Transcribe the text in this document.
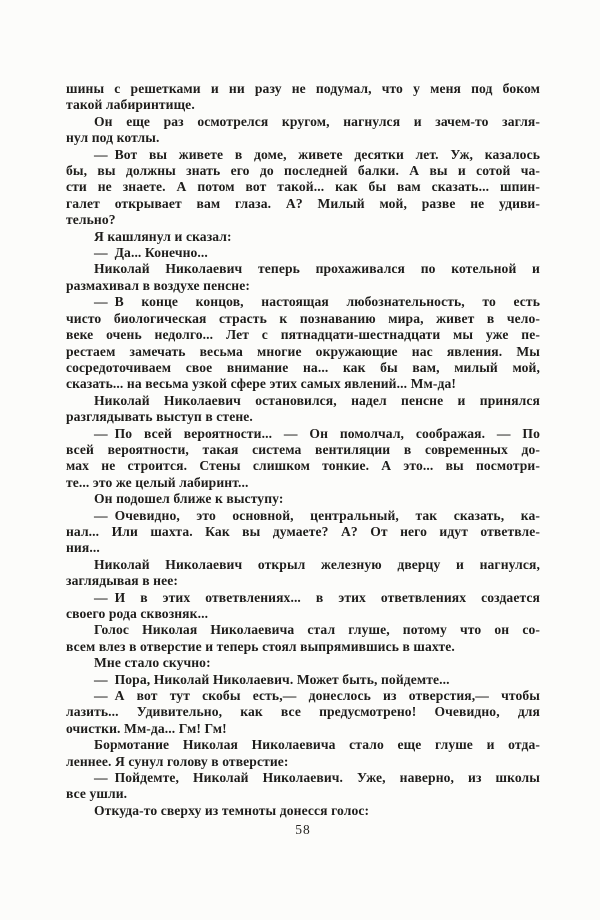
шины с решетками и ни разу не подумал, что у меня под боком
такой лабиринтище.
Он еще раз осмотрелся кругом, нагнулся и зачем-то загля-
нул под котлы.
— Вот вы живете в доме, живете десятки лет. Уж, казалось
бы, вы должны знать его до последней балки. А вы и сотой ча-
сти не знаете. А потом вот такой... как бы вам сказать... шпин-
галет открывает вам глаза. А? Милый мой, разве не удиви-
тельно?
Я кашлянул и сказал:
— Да... Конечно...
Николай Николаевич теперь прохаживался по котельной и
размахивал в воздухе пенсне:
— В конце концов, настоящая любознательность, то есть
чисто биологическая страсть к познаванию мира, живет в чело-
веке очень недолго... Лет с пятнадцати-шестнадцати мы уже пе-
рестаем замечать весьма многие окружающие нас явления. Мы
сосредоточиваем свое внимание на... как бы вам, милый мой,
сказать... на весьма узкой сфере этих самых явлений... Мм-да!
Николай Николаевич остановился, надел пенсне и принялся
разглядывать выступ в стене.
— По всей вероятности... — Он помолчал, соображая. — По
всей вероятности, такая система вентиляции в современных до-
мах не строится. Стены слишком тонкие. А это... вы посмотри-
те... это же целый лабиринт...
Он подошел ближе к выступу:
— Очевидно, это основной, центральный, так сказать, ка-
нал... Или шахта. Как вы думаете? А? От него идут ответвле-
ния...
Николай Николаевич открыл железную дверцу и нагнулся,
заглядывая в нее:
— И в этих ответвлениях... в этих ответвлениях создается
своего рода сквозняк...
Голос Николая Николаевича стал глуше, потому что он со-
всем влез в отверстие и теперь стоял выпрямившись в шахте.
Мне стало скучно:
— Пора, Николай Николаевич. Может быть, пойдемте...
— А вот тут скобы есть,— донеслось из отверстия,— чтобы
лазить... Удивительно, как все предусмотрено! Очевидно, для
очистки. Мм-да... Гм! Гм!
Бормотание Николая Николаевича стало еще глуше и отда-
леннее. Я сунул голову в отверстие:
— Пойдемте, Николай Николаевич. Уже, наверно, из школы
все ушли.
Откуда-то сверху из темноты донесся голос:
58
